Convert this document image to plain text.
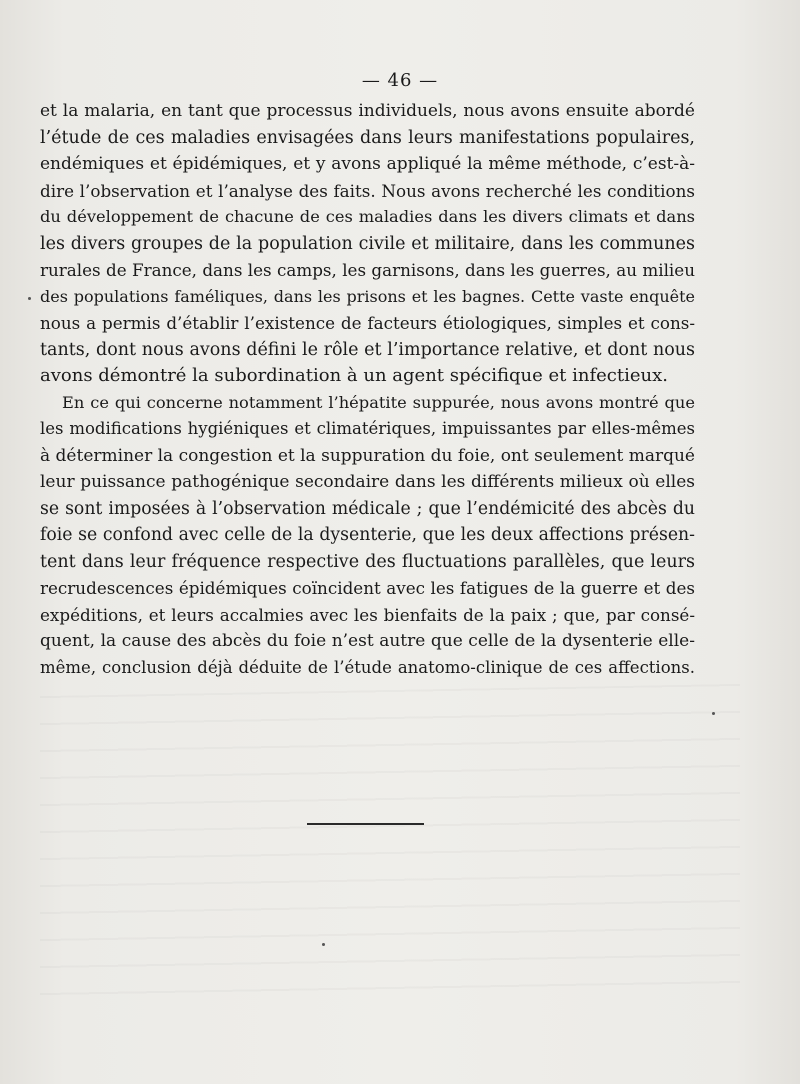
— 46 —
et la malaria, en tant que processus individuels, nous avons ensuite abordé
l’étude de ces maladies envisagées dans leurs manifestations populaires,
endémiques et épidémiques, et y avons appliqué la même méthode, c’est-à-
dire l’observation et l’analyse des faits. Nous avons recherché les conditions
du développement de chacune de ces maladies dans les divers climats et dans
les divers groupes de la population civile et militaire, dans les communes
rurales de France, dans les camps, les garnisons, dans les guerres, au milieu
des populations faméliques, dans les prisons et les bagnes. Cette vaste enquête
nous a permis d’établir l’existence de facteurs étiologiques, simples et cons-
tants, dont nous avons défini le rôle et l’importance relative, et dont nous
avons démontré la subordination à un agent spécifique et infectieux.
En ce qui concerne notamment l’hépatite suppurée, nous avons montré que
les modifications hygiéniques et climatériques, impuissantes par elles-mêmes
à déterminer la congestion et la suppuration du foie, ont seulement marqué
leur puissance pathogénique secondaire dans les différents milieux où elles
se sont imposées à l’observation médicale ; que l’endémicité des abcès du
foie se confond avec celle de la dysenterie, que les deux affections présen-
tent dans leur fréquence respective des fluctuations parallèles, que leurs
recrudescences épidémiques coïncident avec les fatigues de la guerre et des
expéditions, et leurs accalmies avec les bienfaits de la paix ; que, par consé-
quent, la cause des abcès du foie n’est autre que celle de la dysenterie elle-
même, conclusion déjà déduite de l’étude anatomo-clinique de ces affections.
